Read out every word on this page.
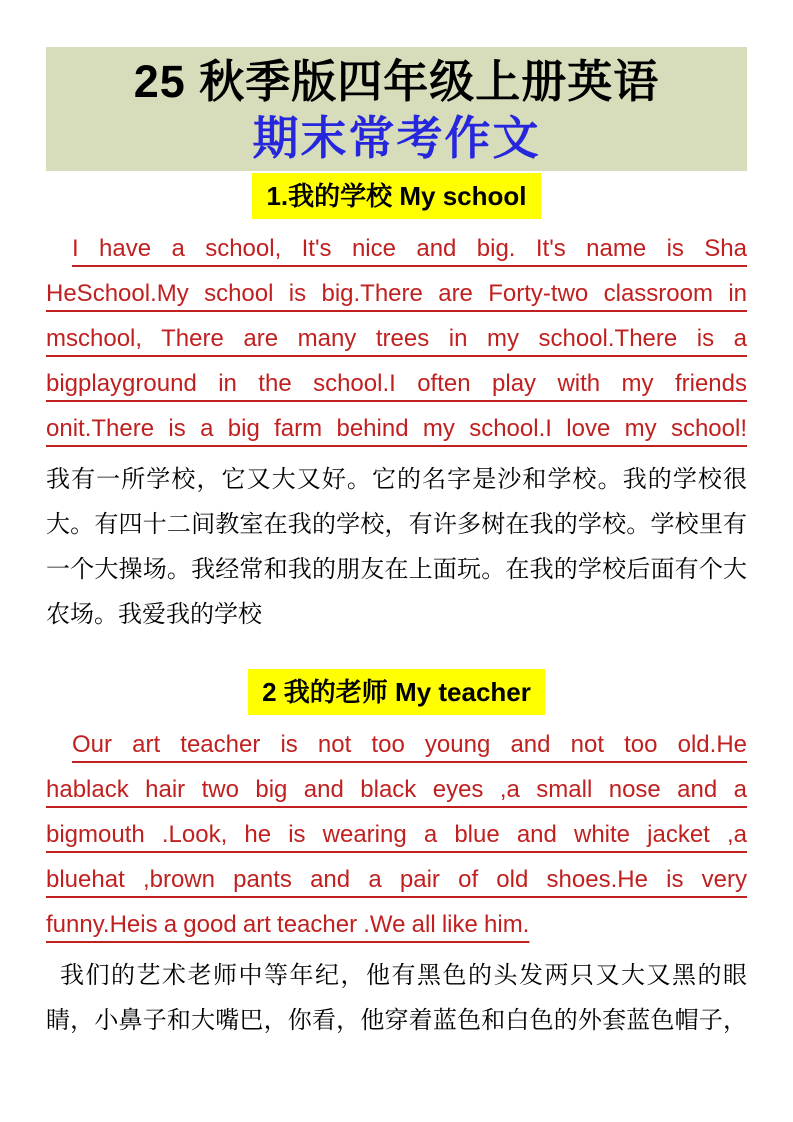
25 秋季版四年级上册英语
期末常考作文
1.我的学校 My school
I have a school, It's nice and big. It's name is Sha
HeSchool.My school is big.There are Forty-two classroom in
mschool, There are many trees in my school.There is a
bigplayground in the school.I often play with my friends
onit.There is a big farm behind my school.I love my school!
我有一所学校，它又大又好。它的名字是沙和学校。我的学校很
大。有四十二间教室在我的学校，有许多树在我的学校。学校里有
一个大操场。我经常和我的朋友在上面玩。在我的学校后面有个大
农场。我爱我的学校
2 我的老师 My teacher
Our art teacher is not too young and not too old.He
hablack hair two big and black eyes ,a small nose and a
bigmouth .Look, he is wearing a blue and white jacket ,a
bluehat ,brown pants and a pair of old shoes.He is very
funny.Heis a good art teacher .We all like him.
我们的艺术老师中等年纪，他有黑色的头发两只又大又黑的眼
睛，小鼻子和大嘴巴，你看，他穿着蓝色和白色的外套蓝色帽子，
